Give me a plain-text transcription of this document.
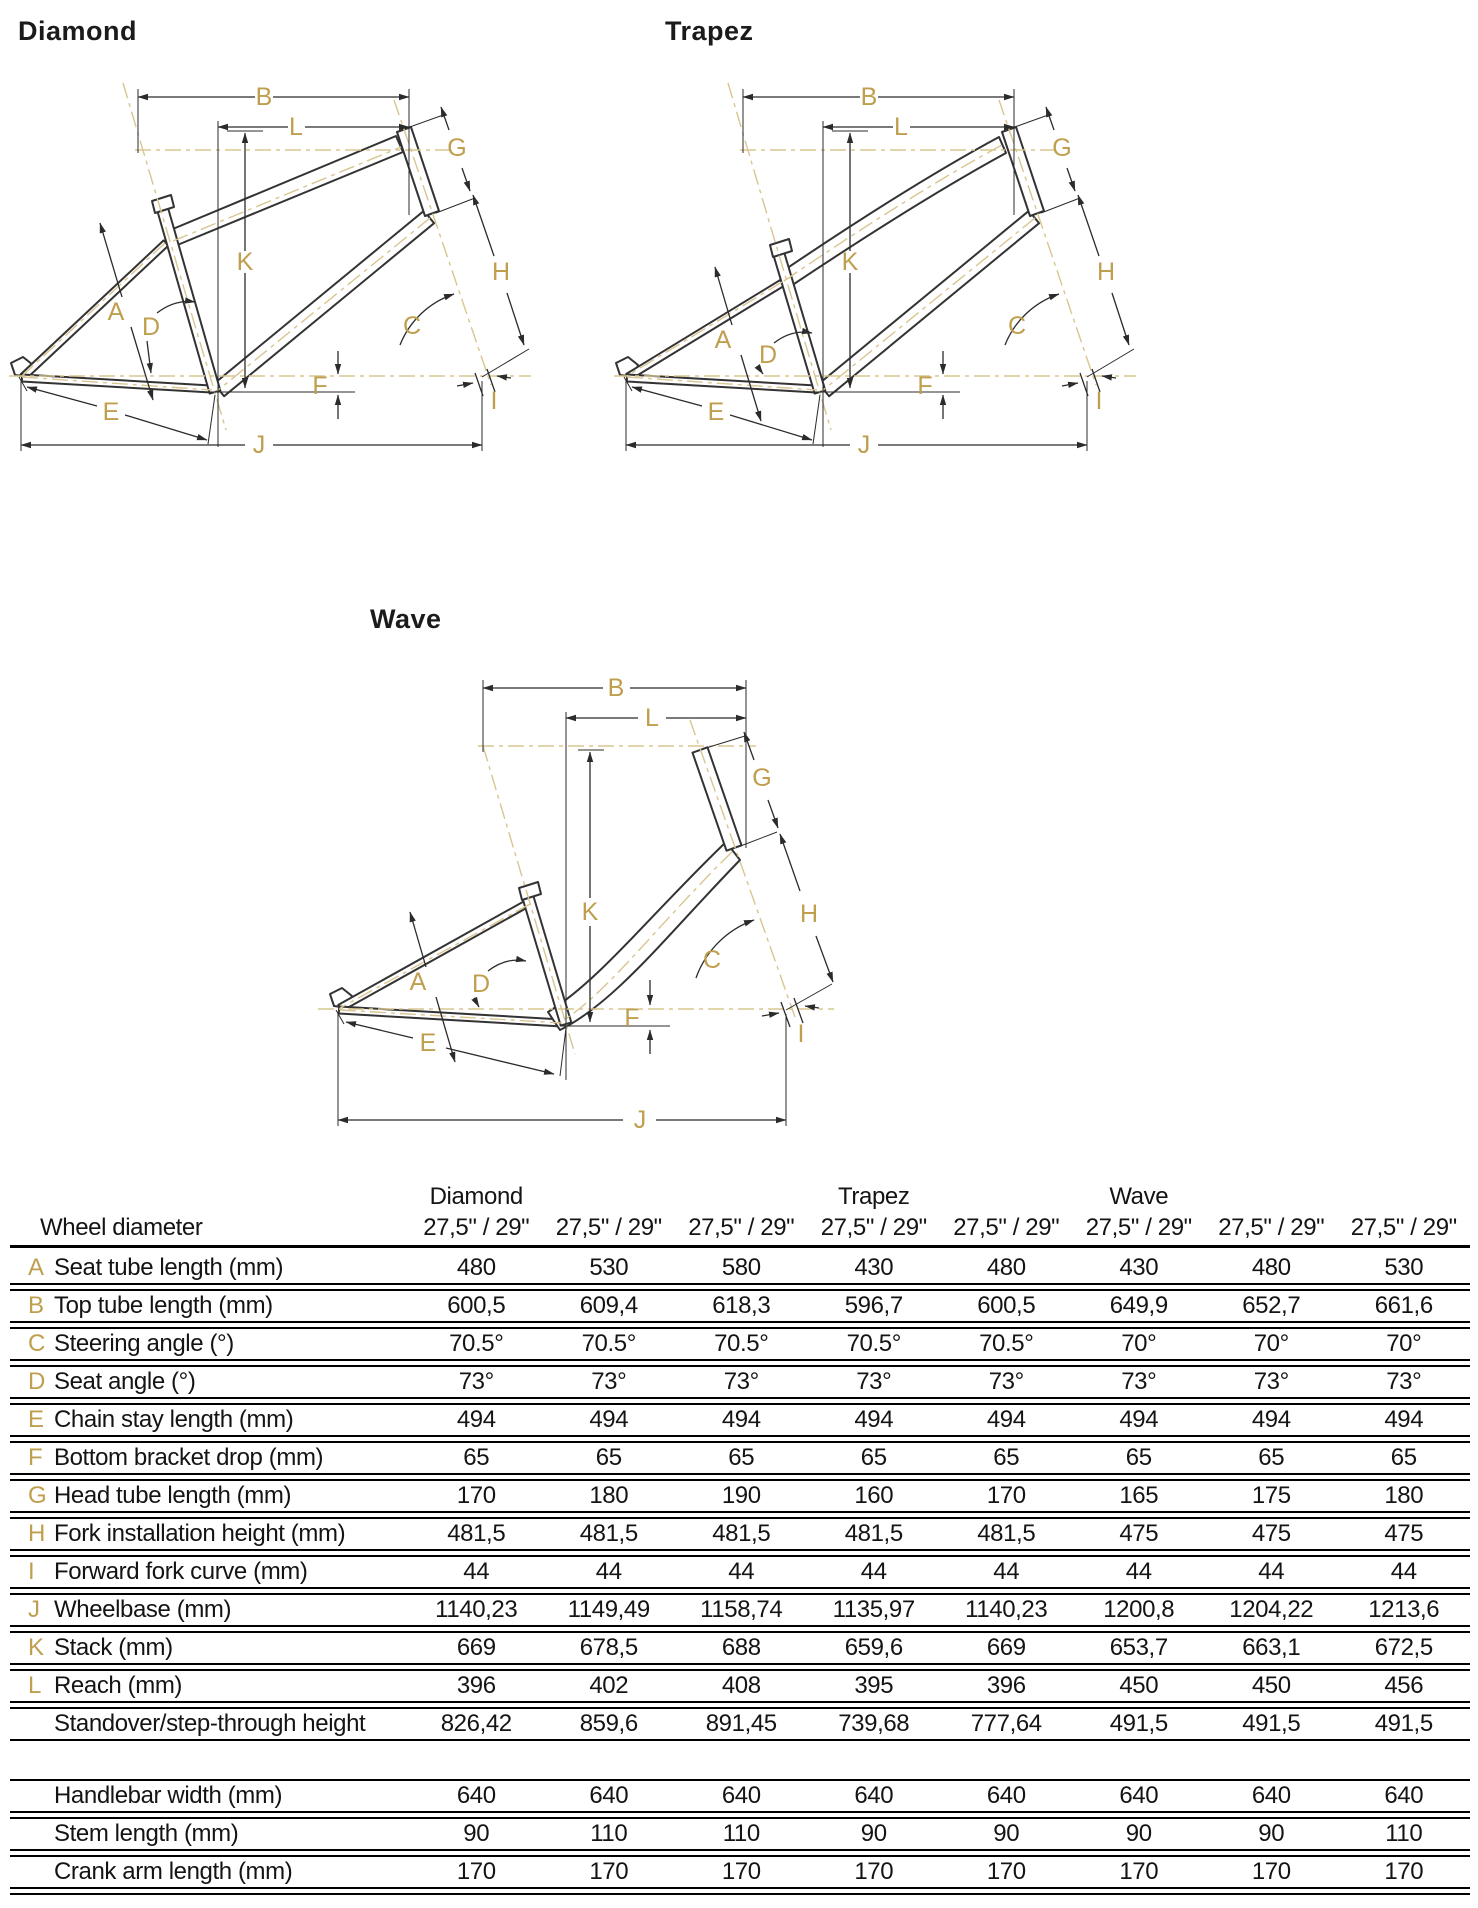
Diamond	Trapez
Wave
B
L
K
A
D
E
J
F
G
H
C
I
B
L
K
A
D
E
J
F
G
H
C
I
B
L
K
A D
E
J
F
G
H
C
I
Diamond	Trapez	Wave
Wheel diameter	27,5" / 29"	27,5" / 29"	27,5" / 29"	27,5" / 29"	27,5" / 29"	27,5" / 29"	27,5" / 29"	27,5" / 29"
A Seat tube length (mm)	480	530	580	430	480	430	480	530
B Top tube length (mm)	600,5	609,4	618,3	596,7	600,5	649,9	652,7	661,6
C Steering angle (°)	70.5°	70.5°	70.5°	70.5°	70.5°	70°	70°	70°
D Seat angle (°)	73°	73°	73°	73°	73°	73°	73°	73°
E Chain stay length (mm)	494	494	494	494	494	494	494	494
F Bottom bracket drop (mm)	65	65	65	65	65	65	65	65
G Head tube length (mm)	170	180	190	160	170	165	175	180
H Fork installation height (mm)	481,5	481,5	481,5	481,5	481,5	475	475	475
I Forward fork curve (mm)	44	44	44	44	44	44	44	44
J Wheelbase (mm)	1140,23	1149,49	1158,74	1135,97	1140,23	1200,8	1204,22	1213,6
K Stack (mm)	669	678,5	688	659,6	669	653,7	663,1	672,5
L Reach (mm)	396	402	408	395	396	450	450	456
Standover/step-through height	826,42	859,6	891,45	739,68	777,64	491,5	491,5	491,5
Handlebar width (mm)	640	640	640	640	640	640	640	640
Stem length (mm)	90	110	110	90	90	90	90	110
Crank arm length (mm)	170	170	170	170	170	170	170	170
